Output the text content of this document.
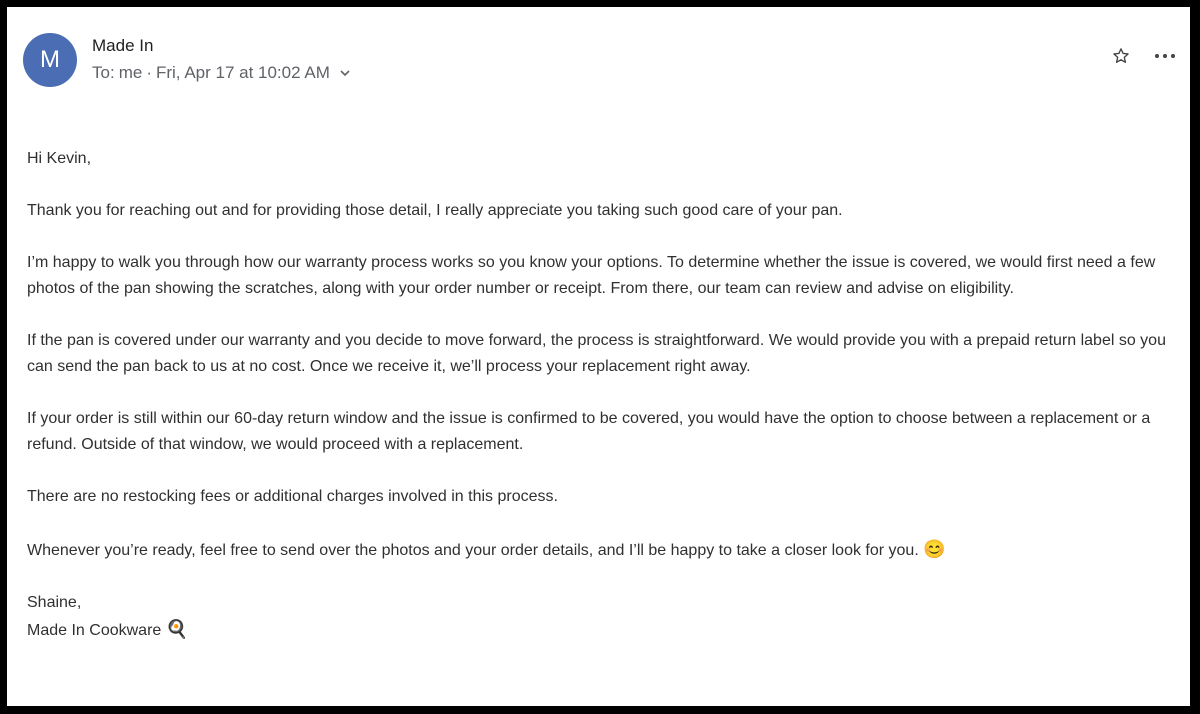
M
Made In
To: me · Fri, Apr 17 at 10:02 AM

Hi Kevin,

Thank you for reaching out and for providing those detail, I really appreciate you taking such good care of your pan.

I’m happy to walk you through how our warranty process works so you know your options. To determine whether the issue is covered, we would first need a few photos of the pan showing the scratches, along with your order number or receipt. From there, our team can review and advise on eligibility.

If the pan is covered under our warranty and you decide to move forward, the process is straightforward. We would provide you with a prepaid return label so you can send the pan back to us at no cost. Once we receive it, we’ll process your replacement right away.

If your order is still within our 60-day return window and the issue is confirmed to be covered, you would have the option to choose between a replacement or a refund. Outside of that window, we would proceed with a replacement.

There are no restocking fees or additional charges involved in this process.

Whenever you’re ready, feel free to send over the photos and your order details, and I’ll be happy to take a closer look for you. 😊

Shaine,

Made In Cookware 🍳
